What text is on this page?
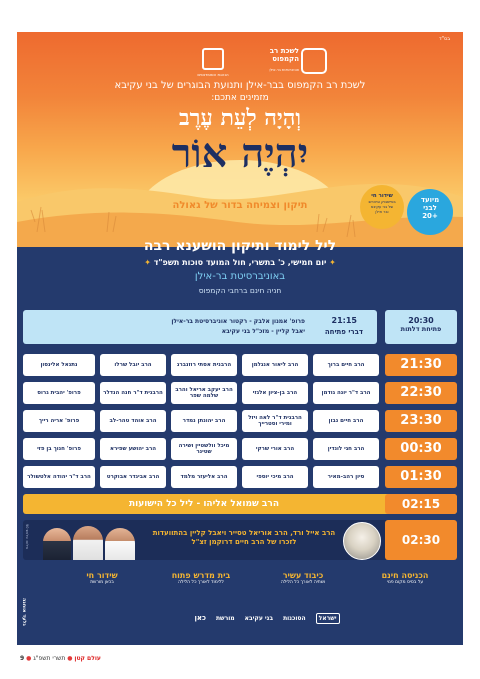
בס"ד
לשכת רב
הקמפוס
אוניברסיטת בר-אילן
הנהגת הסטודנטים
לשכת רב הקמפוס בבר-אילן ותנועת הבוגרים של בני עקיבא
מזמינים אתכם:
וְהָיָה לְעֵת עֶרֶב
יִהְיֶה אוֹר
תיקון וצמיחה בדור של גאולה	מיועד
לבני
+20
שידור חי
בפייסבוק וביוטיוב
של בני עקיבא
ובר אילן
ליל לימוד ותיקון הושענא רבה
✦ יום חמישי, כ' בתשרי, חול המועד סוכות תשפ"ד ✦
באוניברסיטת בר-אילן
חניה חינם ברחבי הקמפוס
21:15
דברי פתיחה
פרופ' אמנון אלבק - רקטור אוניברסיטת בר-אילן
יאבל קליין - מזכ"ל בני עקיבא
20:30
פתיחת דלתות
21:30
הרב חיים ברוך
הרב ליאור אנגלמן
הרבנית אסתי רוזנברג
הרב יובל שרלו
נתנאל אלינסון
22:30
הרב ד"ר יונה גודמן
הרב בן-ציון אלגזי
הרב יעקב אריאל והרב שלמה שפר
הרבנית ד"ר חנה הנדלר
פרופ' יהבית גרוס
23:30
הרב חיים נבון
הרבנית ד"ר לאה ויזל ומירי וסטרייך
הרב יהונתן נמדר
הרב אוהד טהר-לב
פרופ' אריה רייך
00:30
הרב חגי לונדין
הרב אורי שרקי
מיכל וולשטיין ושירה שטינר
הרב יהושע שפירא
פרופ' חנוך בן פזי
01:30
סיון רהב-מאיר
הרב מיכי יוספי
הרב אליעזר מלמד
הרב אביגדר אבוקרט
הרב ד"ר יהודה אלטשולר
02:15
הרב שמואל אליהו - ליל כל הישועות
02:30
הרב אייל ורד, הרב אוריאל טסייר ויאבל קליין בהתוועדות לזכרו של הרב חיים דרוקמן זצ"ל
צילום: פלאש 90
הכניסה חינם
על בסיס מקום פנוי
כיבוד עשיר
ושתיה לאורך כל הלילה
בית מדרש פתוח
ללימוד לאורך כל הלילה
שידור חי
בכאן מורשת
ישראל
הסוכנות
בני עקיבא
מורשת
כאן
גלעד אוחנה
9 ●	עולם קטן ● תשרי תשפ"ג
